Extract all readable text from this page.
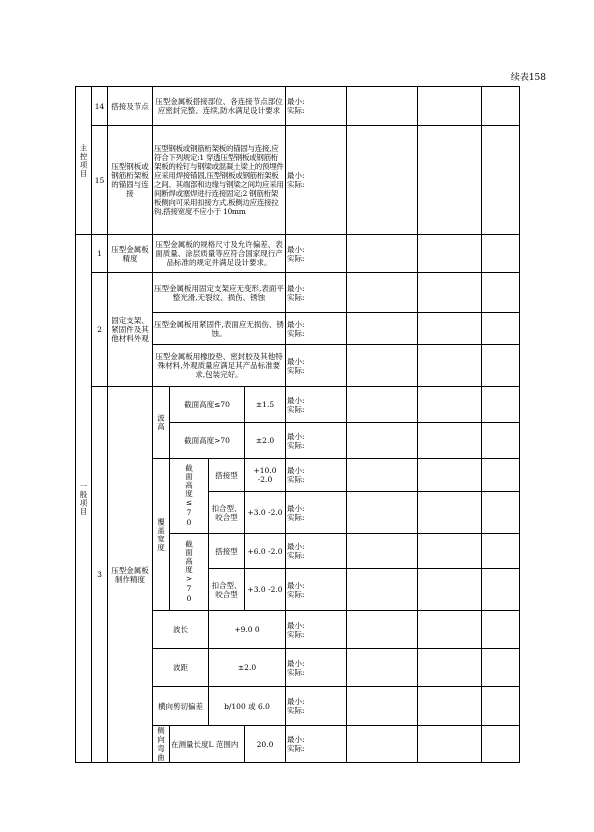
续表158
主控项目	14	搭接及节点	压型金属板搭接部位、各连接节点部位应密封完整、连续,防水满足设计要求				最小:
实际:			
	15	压型钢板或钢筋桁架板的锚固与连接	压型钢板或钢筋桁架板的锚固与连接,应符合下列规定:1 穿透压型钢板或钢筋桁架板的栓钉与钢梁或混凝土梁上的预埋件应采用焊接锚固,压型钢板或钢筋桁架板之间、其端部和边缘与钢梁之间均应采用间断焊或塞焊进行连接固定;2 钢筋桁架板侧向可采用扣接方式,板侧边应连接拉钩,搭接宽度不应小于 10mm				最小:
实际:			

一般项目	1	压型金属板精度	压型金属板的规格尺寸及允许偏差、表面质量、涂层质量等应符合国家现行产品标准的规定并满足设计要求。				最小:
实际:			
	2	固定支架、紧固件及其他材料外观	压型金属板用固定支架应无变形,表面平整光滑,无裂纹、损伤、锈蚀				最小:
实际:			
			压型金属板用紧固件,表面应无损伤、锈蚀。				最小:
实际:			
			压型金属板用橡胶垫、密封胶及其他特殊材料,外观质量应满足其产品标准要求,包装完好。				最小:
实际:			
	3	压型金属板制作精度	波高	截面高度≤70		±1.5	最小:
实际:			
				截面高度>70		±2.0	最小:
实际:			

			覆盖宽度	截面高度≤70	搭接型	+10.0 -2.0	最小:
实际:			
					扣合型、咬合型	+3.0 -2.0	最小:
实际:			

				截面高度>70	搭接型	+6.0 -2.0	最小:
实际:			
					扣合型、咬合型	+3.0 -2.0	最小:
实际:			
			波长		+9.0 0		最小:
实际:			
			波距		±2.0		最小:
实际:			
			横向剪切偏差		b/100 或 6.0		最小:
实际:			
			侧向弯曲	在测量长度L 范围内		20.0	最小:
实际:			
